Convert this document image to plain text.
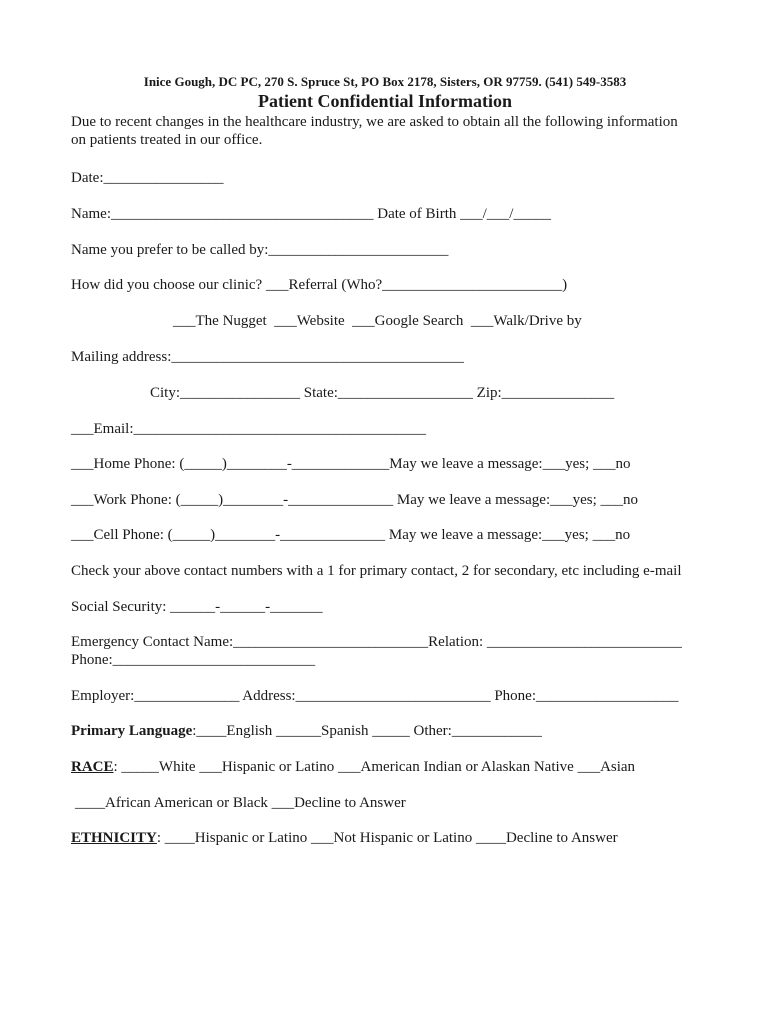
Inice Gough, DC PC, 270 S. Spruce St, PO Box 2178, Sisters, OR 97759. (541) 549-3583
Patient Confidential Information
Due to recent changes in the healthcare industry, we are asked to obtain all the following information
on patients treated in our office.
Date:________________
Name:___________________________________ Date of Birth ___/___/_____
Name you prefer to be called by:________________________
How did you choose our clinic? ___Referral (Who?________________________)
___The Nugget  ___Website  ___Google Search  ___Walk/Drive by
Mailing address:_______________________________________
City:________________ State:__________________ Zip:_______________
___Email:_______________________________________
___Home Phone: (_____)________-_____________May we leave a message:___yes; ___no
___Work Phone: (_____)________-______________ May we leave a message:___yes; ___no
___Cell Phone: (_____)________-______________ May we leave a message:___yes; ___no
Check your above contact numbers with a 1 for primary contact, 2 for secondary, etc including e-mail
Social Security: ______-______-_______
Emergency Contact Name:__________________________Relation: __________________________
Phone:___________________________
Employer:______________ Address:__________________________ Phone:___________________
Primary Language:____English ______Spanish _____ Other:____________
RACE: _____White ___Hispanic or Latino ___American Indian or Alaskan Native ___Asian
____African American or Black ___Decline to Answer
ETHNICITY: ____Hispanic or Latino ___Not Hispanic or Latino ____Decline to Answer
